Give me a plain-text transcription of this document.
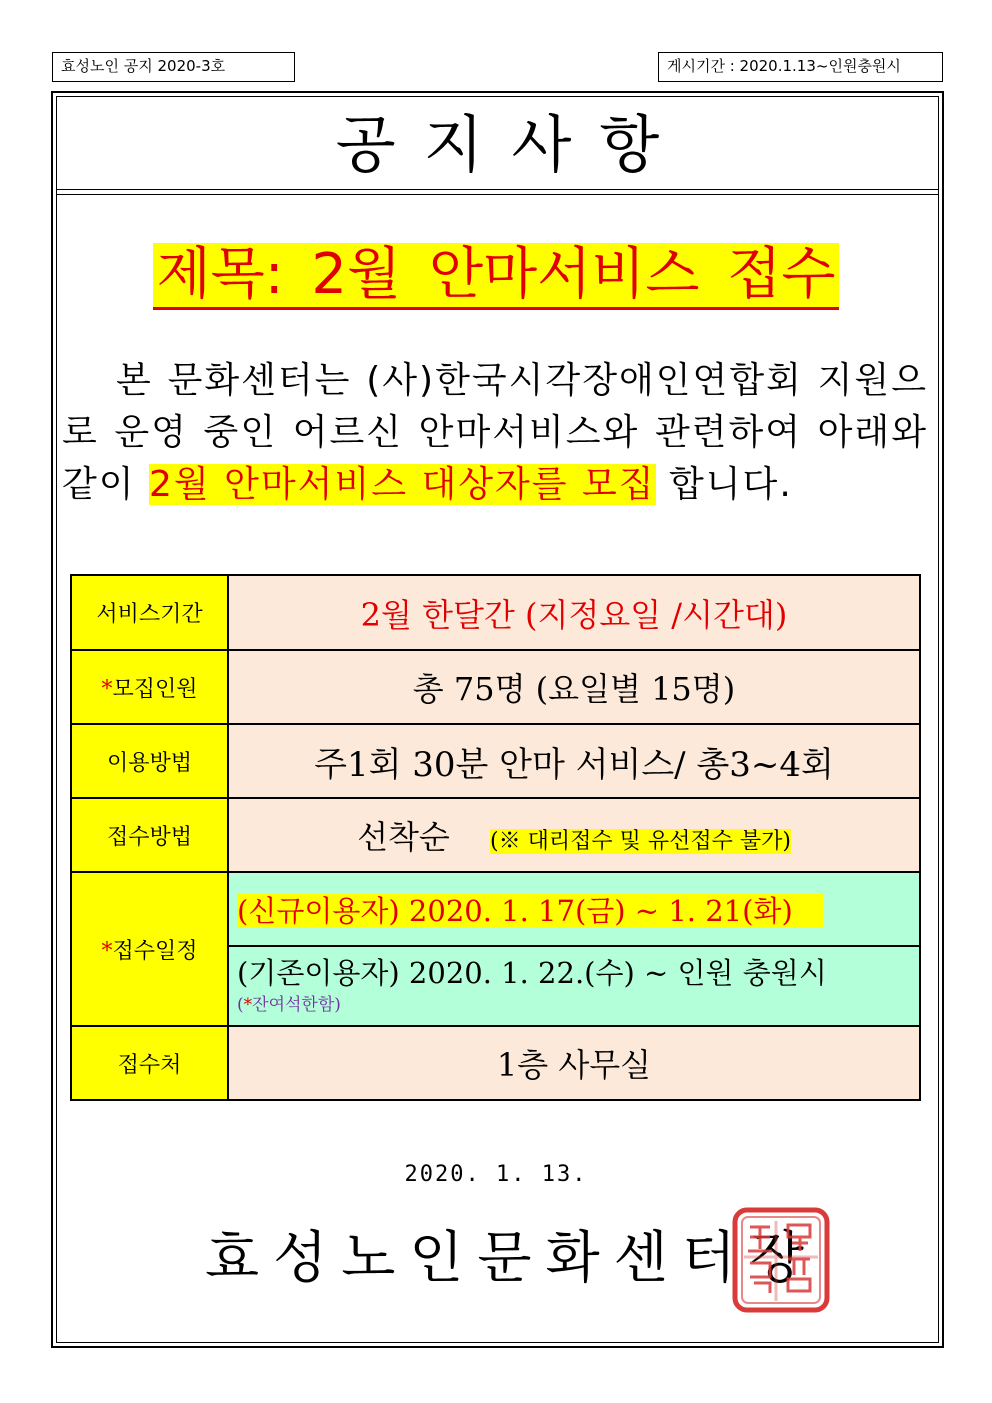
효성노인 공지 2020-3호	게시기간 : 2020.1.13~인원충원시
공지사항
제목: 2월 안마서비스 접수
본 문화센터는 (사)한국시각장애인연합회 지원으로 운영 중인 어르신 안마서비스와 관련하여 아래와 같이 2월 안마서비스 대상자를 모집 합니다.
서비스기간	2월 한달간 (지정요일 /시간대)
*모집인원	총 75명 (요일별 15명)
이용방법	주1회 30분 안마 서비스/ 총3~4회
접수방법	선착순 (※ 대리접수 및 유선접수 불가)
*접수일정	(신규이용자) 2020. 1. 17(금) ~ 1. 21(화)

	(기존이용자) 2020. 1. 22.(수) ~ 인원 충원시
(*잔여석한함)

접수처	1층 사무실
2020. 1. 13.
효성노인문화센터장
